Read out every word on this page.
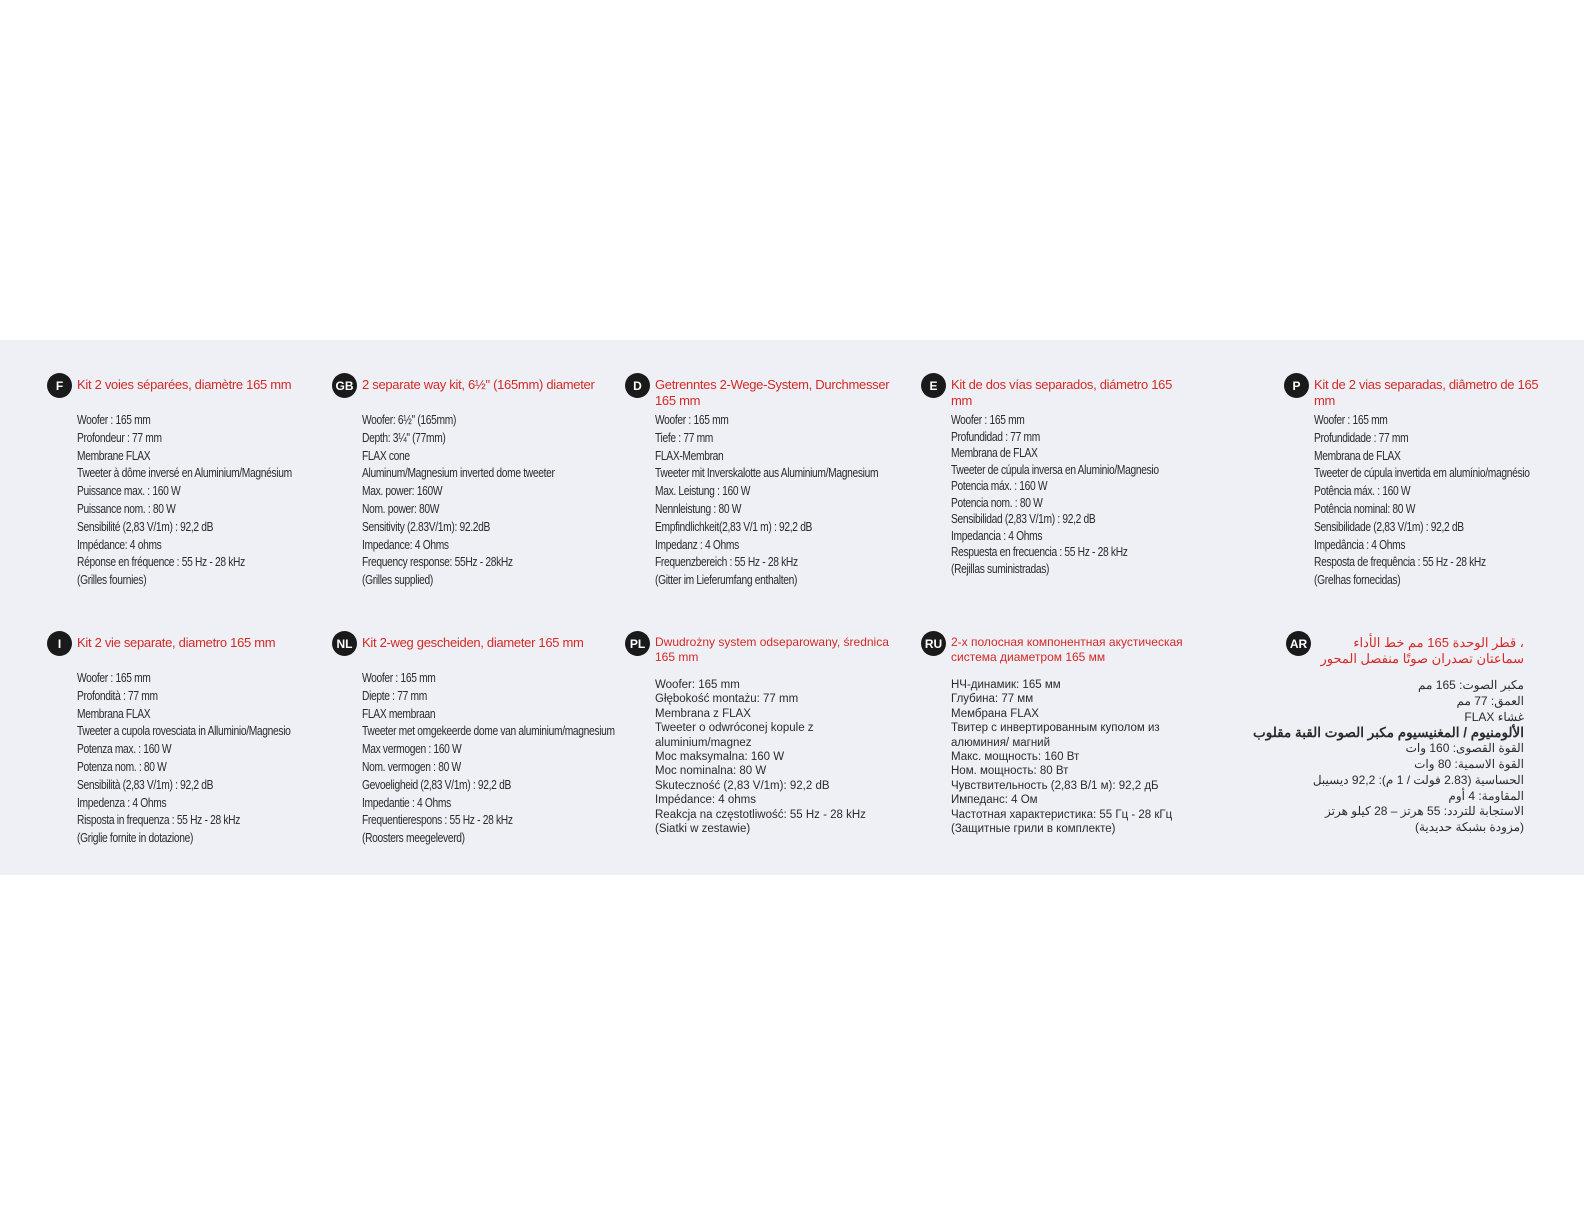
F	Kit 2 voies séparées, diamètre 165 mm
Woofer : 165 mm
Profondeur : 77 mm
Membrane FLAX
Tweeter à dôme inversé en Aluminium/Magnésium
Puissance max. : 160 W
Puissance nom. : 80 W
Sensibilité (2,83 V/1m) : 92,2 dB
Impédance: 4 ohms
Réponse en fréquence : 55 Hz - 28 kHz
(Grilles fournies)
GB 2 separate way kit, 6½" (165mm) diameter
Woofer: 6½" (165mm)
Depth: 3¼" (77mm)
FLAX cone
Aluminum/Magnesium inverted dome tweeter
Max. power: 160W
Nom. power: 80W
Sensitivity (2.83V/1m): 92.2dB
Impedance: 4 Ohms
Frequency response: 55Hz - 28kHz
(Grilles supplied)
D	Getrenntes 2-Wege-System, Durchmesser 165 mm
Woofer : 165 mm
Tiefe : 77 mm
FLAX-Membran
Tweeter mit Inverskalotte aus Aluminium/Magnesium
Max. Leistung : 160 W
Nennleistung : 80 W
Empfindlichkeit(2,83 V/1 m) : 92,2 dB
Impedanz : 4 Ohms
Frequenzbereich : 55 Hz - 28 kHz
(Gitter im Lieferumfang enthalten)
E	Kit de dos vías separados, diámetro 165 mm
Woofer : 165 mm
Profundidad : 77 mm
Membrana de FLAX
Tweeter de cúpula inversa en Aluminio/Magnesio
Potencia máx. : 160 W
Potencia nom. : 80 W
Sensibilidad (2,83 V/1m) : 92,2 dB
Impedancia : 4 Ohms
Respuesta en frecuencia : 55 Hz - 28 kHz
(Rejillas suministradas)
P	Kit de 2 vias separadas, diâmetro de 165 mm
Woofer : 165 mm
Profundidade : 77 mm
Membrana de FLAX
Tweeter de cúpula invertida em alumínio/magnésio
Potência máx. : 160 W
Potência nominal: 80 W
Sensibilidade (2,83 V/1m) : 92,2 dB
Impedância : 4 Ohms
Resposta de frequência : 55 Hz - 28 kHz
(Grelhas fornecidas)
I	Kit 2 vie separate, diametro 165 mm
Woofer : 165 mm
Profondità : 77 mm
Membrana FLAX
Tweeter a cupola rovesciata in Alluminio/Magnesio
Potenza max. : 160 W
Potenza nom. : 80 W
Sensibilità (2,83 V/1m) : 92,2 dB
Impedenza : 4 Ohms
Risposta in frequenza : 55 Hz - 28 kHz
(Griglie fornite in dotazione)
NL Kit 2-weg gescheiden, diameter 165 mm
Woofer : 165 mm
Diepte : 77 mm
FLAX membraan
Tweeter met omgekeerde dome van aluminium/magnesium
Max vermogen : 160 W
Nom. vermogen : 80 W
Gevoeligheid (2,83 V/1m) : 92,2 dB
Impedantie : 4 Ohms
Frequentierespons : 55 Hz - 28 kHz
(Roosters meegeleverd)
PL Dwudrożny system odseparowany, średnica 165 mm
Woofer: 165 mm
Głębokość montażu: 77 mm
Membrana z FLAX
Tweeter o odwróconej kopule z
aluminium/magnez
Moc maksymalna: 160 W
Moc nominalna: 80 W
Skuteczność (2,83 V/1m): 92,2 dB
Impédance: 4 ohms
Reakcja na częstotliwość: 55 Hz - 28 kHz
(Siatki w zestawie)
RU 2-х полосная компонентная акустическая система диаметром 165 мм
НЧ-динамик: 165 мм
Глубина: 77 мм
Мембрана FLAX
Твитер с инвертированным куполом из
алюминия/ магний
Макс. мощность: 160 Вт
Ном. мощность: 80 Вт
Чувствительность (2,83 В/1 м): 92,2 дБ
Импеданс: 4 Ом
Частотная характеристика: 55 Гц - 28 кГц
(Защитные грили в комплекте)
AR	، قطر الوحدة 165 مم خط الأداء سماعتان تصدران صوتًا منفصل المحور
مكبر الصوت: 165 مم
العمق: 77 مم
غشاء FLAX
الألومنيوم / المغنيسيوم مكبر الصوت القبة مقلوب
القوة القصوى: 160 وات
القوة الاسمية: 80 وات
الحساسية (2.83 فولت / 1 م): 92,2 ديسيبل
المقاومة: 4 أوم
الاستجابة للتردد: 55 هرتز – 28 كيلو هرتز
(مزودة بشبكة حديدية)
